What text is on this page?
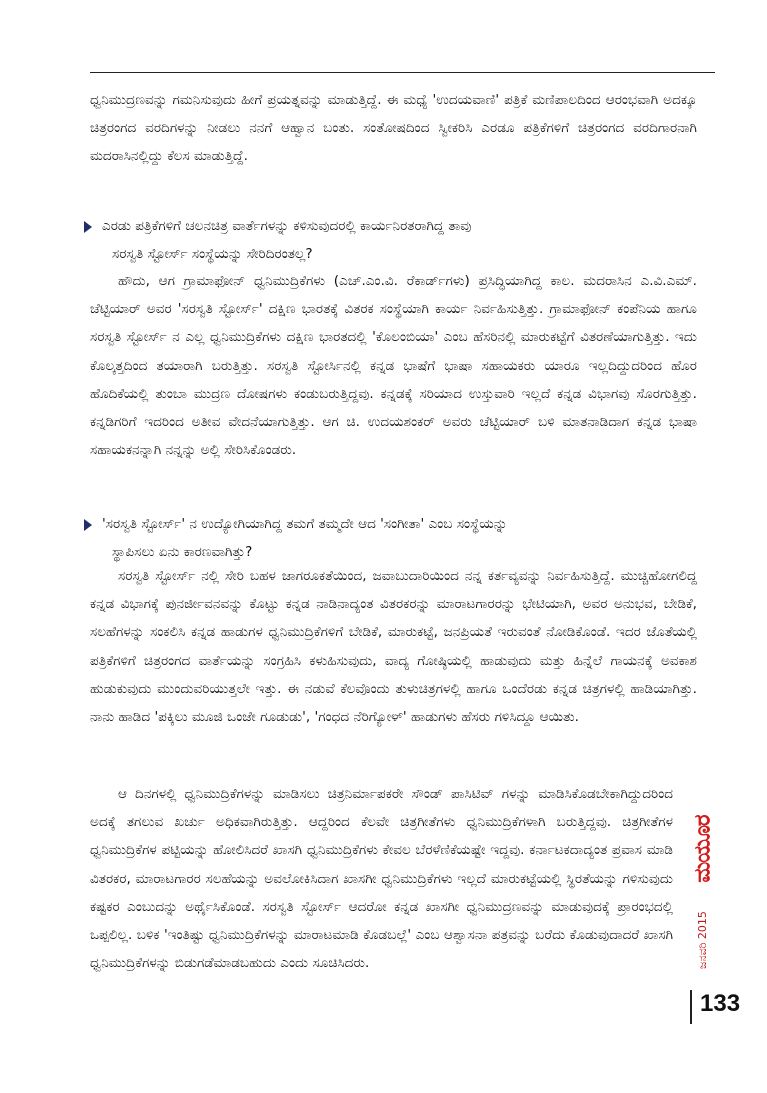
ಧ್ವನಿಮುದ್ರಣವನ್ನು ಗಮನಿಸುವುದು ಹೀಗೆ ಪ್ರಯತ್ನವನ್ನು ಮಾಡುತ್ತಿದ್ದೆ. ಈ ಮಧ್ಯೆ 'ಉದಯವಾಣಿ' ಪತ್ರಿಕೆ ಮಣಿಪಾಲದಿಂದ ಆರಂಭವಾಗಿ ಅದಕ್ಕೂ ಚಿತ್ರರಂಗದ ವರದಿಗಳನ್ನು ನೀಡಲು ನನಗೆ ಆಹ್ವಾನ ಬಂತು. ಸಂತೋಷದಿಂದ ಸ್ವೀಕರಿಸಿ ಎರಡೂ ಪತ್ರಿಕೆಗಳಿಗೆ ಚಿತ್ರರಂಗದ ವರದಿಗಾರನಾಗಿ ಮದರಾಸಿನಲ್ಲಿದ್ದು ಕೆಲಸ ಮಾಡುತ್ತಿದ್ದೆ.

ಎರಡು ಪತ್ರಿಕೆಗಳಿಗೆ ಚಲನಚಿತ್ರ ವಾರ್ತೆಗಳನ್ನು ಕಳಿಸುವುದರಲ್ಲಿ ಕಾರ್ಯನಿರತರಾಗಿದ್ದ ತಾವು
ಸರಸ್ವತಿ ಸ್ಟೋರ್ಸ್ ಸಂಸ್ಥೆಯನ್ನು ಸೇರಿದಿರಂತಲ್ಲ?

ಹೌದು, ಆಗ ಗ್ರಾಮಾಫೋನ್ ಧ್ವನಿಮುದ್ರಿಕೆಗಳು (ಎಚ್.ಎಂ.ವಿ. ರೆಕಾರ್ಡ್‌ಗಳು) ಪ್ರಸಿದ್ಧಿಯಾಗಿದ್ದ ಕಾಲ. ಮದರಾಸಿನ ಎ.ವಿ.ಎಮ್. ಚೆಟ್ಟಿಯಾರ್ ಅವರ 'ಸರಸ್ವತಿ ಸ್ಟೋರ್ಸ್' ದಕ್ಷಿಣ ಭಾರತಕ್ಕೆ ವಿತರಕ ಸಂಸ್ಥೆಯಾಗಿ ಕಾರ್ಯ ನಿರ್ವಹಿಸುತ್ತಿತ್ತು. ಗ್ರಾಮಾಫೋನ್ ಕಂಪೆನಿಯ ಹಾಗೂ ಸರಸ್ವತಿ ಸ್ಟೋರ್ಸ್ ನ ಎಲ್ಲ ಧ್ವನಿಮುದ್ರಿಕೆಗಳು ದಕ್ಷಿಣ ಭಾರತದಲ್ಲಿ 'ಕೊಲಂಬಿಯಾ' ಎಂಬ ಹೆಸರಿನಲ್ಲಿ ಮಾರುಕಟ್ಟೆಗೆ ವಿತರಣೆಯಾಗುತ್ತಿತ್ತು. ಇದು ಕೊಲ್ಕತ್ತದಿಂದ ತಯಾರಾಗಿ ಬರುತ್ತಿತ್ತು. ಸರಸ್ವತಿ ಸ್ಟೋರ್ಸಿನಲ್ಲಿ ಕನ್ನಡ ಭಾಷೆಗೆ ಭಾಷಾ ಸಹಾಯಕರು ಯಾರೂ ಇಲ್ಲದಿದ್ದುದರಿಂದ ಹೊರ ಹೊದಿಕೆಯಲ್ಲಿ ತುಂಬಾ ಮುದ್ರಣ ದೋಷಗಳು ಕಂಡುಬರುತ್ತಿದ್ದವು. ಕನ್ನಡಕ್ಕೆ ಸರಿಯಾದ ಉಸ್ತುವಾರಿ ಇಲ್ಲದೆ ಕನ್ನಡ ವಿಭಾಗವು ಸೊರಗುತ್ತಿತ್ತು. ಕನ್ನಡಿಗರಿಗೆ ಇದರಿಂದ ಅತೀವ ವೇದನೆಯಾಗುತ್ತಿತ್ತು. ಆಗ ಚಿ. ಉದಯಶಂಕರ್ ಅವರು ಚೆಟ್ಟಿಯಾರ್ ಬಳಿ ಮಾತನಾಡಿದಾಗ ಕನ್ನಡ ಭಾಷಾ ಸಹಾಯಕನನ್ನಾಗಿ ನನ್ನನ್ನು ಅಲ್ಲಿ ಸೇರಿಸಿಕೊಂಡರು.

'ಸರಸ್ವತಿ ಸ್ಟೋರ್ಸ್' ನ ಉದ್ಯೋಗಿಯಾಗಿದ್ದ ತಮಗೆ ತಮ್ಮದೇ ಆದ 'ಸಂಗೀತಾ' ಎಂಬ ಸಂಸ್ಥೆಯನ್ನು
ಸ್ಥಾಪಿಸಲು ಏನು ಕಾರಣವಾಗಿತ್ತು?

ಸರಸ್ವತಿ ಸ್ಟೋರ್ಸ್ ನಲ್ಲಿ ಸೇರಿ ಬಹಳ ಜಾಗರೂಕತೆಯಿಂದ, ಜವಾಬುದಾರಿಯಿಂದ ನನ್ನ ಕರ್ತವ್ಯವನ್ನು ನಿರ್ವಹಿಸುತ್ತಿದ್ದೆ. ಮುಚ್ಚಿಹೋಗಲಿದ್ದ ಕನ್ನಡ ವಿಭಾಗಕ್ಕೆ ಪುನರ್ಜೀವನವನ್ನು ಕೊಟ್ಟು ಕನ್ನಡ ನಾಡಿನಾದ್ಯಂತ ವಿತರಕರನ್ನು ಮಾರಾಟಗಾರರನ್ನು ಭೇಟಿಯಾಗಿ, ಅವರ ಅನುಭವ, ಬೇಡಿಕೆ, ಸಲಹೆಗಳನ್ನು ಸಂಕಲಿಸಿ ಕನ್ನಡ ಹಾಡುಗಳ ಧ್ವನಿಮುದ್ರಿಕೆಗಳಿಗೆ ಬೇಡಿಕೆ, ಮಾರುಕಟ್ಟೆ, ಜನಪ್ರಿಯತೆ ಇರುವಂತೆ ನೋಡಿಕೊಂಡೆ. ಇದರ ಜೊತೆಯಲ್ಲಿ ಪತ್ರಿಕೆಗಳಿಗೆ ಚಿತ್ರರಂಗದ ವಾರ್ತೆಯನ್ನು ಸಂಗ್ರಹಿಸಿ ಕಳುಹಿಸುವುದು, ವಾದ್ಯ ಗೋಷ್ಠಿಯಲ್ಲಿ ಹಾಡುವುದು ಮತ್ತು ಹಿನ್ನೆಲೆ ಗಾಯನಕ್ಕೆ ಅವಕಾಶ ಹುಡುಕುವುದು ಮುಂದುವರಿಯುತ್ತಲೇ ಇತ್ತು. ಈ ನಡುವೆ ಕೆಲವೊಂದು ತುಳುಚಿತ್ರಗಳಲ್ಲಿ ಹಾಗೂ ಒಂದೆರಡು ಕನ್ನಡ ಚಿತ್ರಗಳಲ್ಲಿ ಹಾಡಿಯಾಗಿತ್ತು. ನಾನು ಹಾಡಿದ 'ಪಕ್ಕಿಲು ಮೂಜಿ ಒಂಜೇ ಗೂಡುಡು', 'ಗಂಧದ ನೆರಿಗ್ಯೋಳ್' ಹಾಡುಗಳು ಹೆಸರು ಗಳಿಸಿದ್ದೂ ಆಯಿತು.

ಆ ದಿನಗಳಲ್ಲಿ ಧ್ವನಿಮುದ್ರಿಕೆಗಳನ್ನು ಮಾಡಿಸಲು ಚಿತ್ರನಿರ್ಮಾಪಕರೇ ಸೌಂಡ್ ಪಾಸಿಟಿವ್ ಗಳನ್ನು ಮಾಡಿಸಿಕೊಡಬೇಕಾಗಿದ್ದುದರಿಂದ ಅದಕ್ಕೆ ತಗಲುವ ಖರ್ಚು ಅಧಿಕವಾಗಿರುತ್ತಿತ್ತು. ಆದ್ದರಿಂದ ಕೆಲವೇ ಚಿತ್ರಗೀತೆಗಳು ಧ್ವನಿಮುದ್ರಿಕೆಗಳಾಗಿ ಬರುತ್ತಿದ್ದವು. ಚಿತ್ರಗೀತೆಗಳ ಧ್ವನಿಮುದ್ರಿಕೆಗಳ ಪಟ್ಟಿಯನ್ನು ಹೋಲಿಸಿದರೆ ಖಾಸಗಿ ಧ್ವನಿಮುದ್ರಿಕೆಗಳು ಕೇವಲ ಬೆರಳೆಣಿಕೆಯಷ್ಟೇ ಇದ್ದವು. ಕರ್ನಾಟಕದಾದ್ಯಂತ ಪ್ರವಾಸ ಮಾಡಿ ವಿತರಕರ, ಮಾರಾಟಗಾರರ ಸಲಹೆಯನ್ನು ಅವಲೋಕಿಸಿದಾಗ ಖಾಸಗೀ ಧ್ವನಿಮುದ್ರಿಕೆಗಳು ಇಲ್ಲದೆ ಮಾರುಕಟ್ಟೆಯಲ್ಲಿ ಸ್ಥಿರತೆಯನ್ನು ಗಳಿಸುವುದು ಕಷ್ಟಕರ ಎಂಬುದನ್ನು ಅರ್ಥೈಸಿಕೊಂಡೆ. ಸರಸ್ವತಿ ಸ್ಟೋರ್ಸ್ ಆದರೋ ಕನ್ನಡ ಖಾಸಗೀ ಧ್ವನಿಮುದ್ರಣವನ್ನು ಮಾಡುವುದಕ್ಕೆ ಪ್ರಾರಂಭದಲ್ಲಿ ಒಪ್ಪಲಿಲ್ಲ. ಬಳಿಕ 'ಇಂತಿಷ್ಟು ಧ್ವನಿಮುದ್ರಿಕೆಗಳನ್ನು ಮಾರಾಟಮಾಡಿ ಕೊಡಬಲ್ಲೆ' ಎಂಬ ಆಶ್ವಾಸನಾ ಪತ್ರವನ್ನು ಬರೆದು ಕೊಡುವುದಾದರೆ ಖಾಸಗಿ ಧ್ವನಿಮುದ್ರಿಕೆಗಳನ್ನು ಬಿಡುಗಡೆಮಾಡಬಹುದು ಎಂದು ಸೂಚಿಸಿದರು.

ಮಯೂರ
ಜನವರಿ 2015
133
